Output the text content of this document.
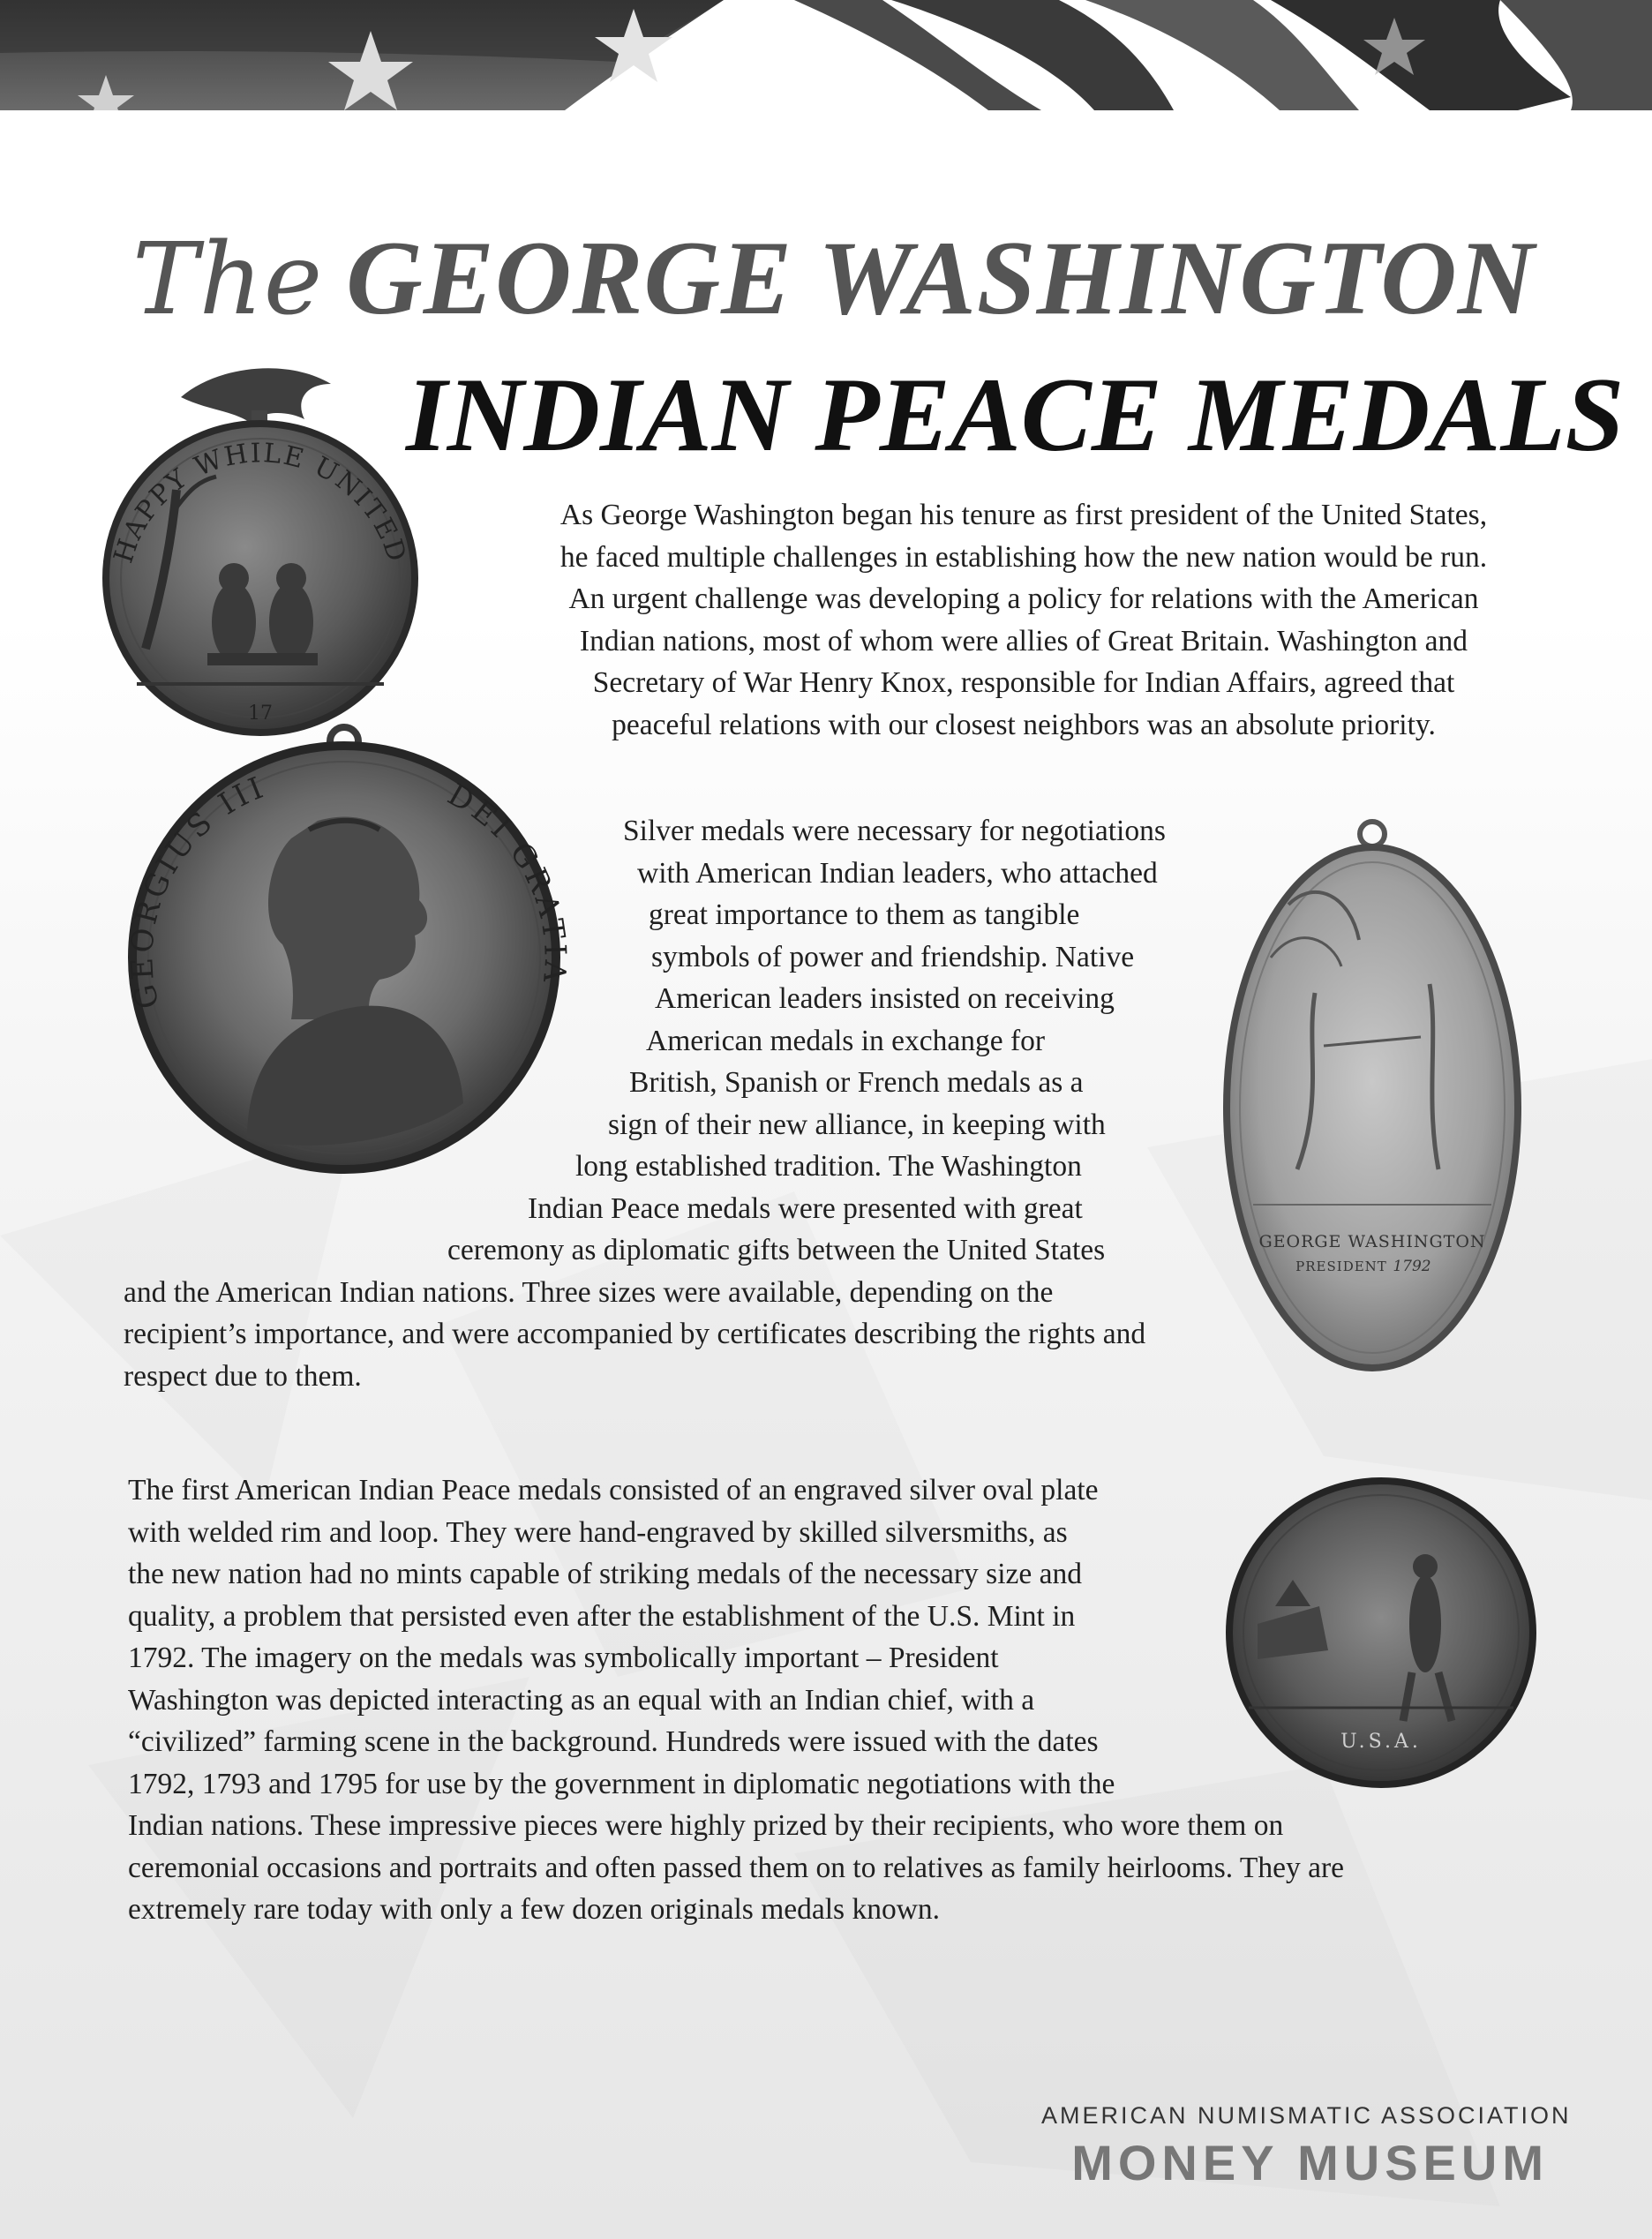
The GEORGE WASHINGTON
INDIAN PEACE MEDALS
HAPPY WHILE UNITED
17
GEORGIUS III	DEI GRATIA
GEORGE WASHINGTON
PRESIDENT 1792
U.S.A.
As George Washington began his tenure as first president of the United States,
he faced multiple challenges in establishing how the new nation would be run.
An urgent challenge was developing a policy for relations with the American
Indian nations, most of whom were allies of Great Britain. Washington and
Secretary of War Henry Knox, responsible for Indian Affairs, agreed that
peaceful relations with our closest neighbors was an absolute priority.
Silver medals were necessary for negotiations
with American Indian leaders, who attached
great importance to them as tangible
symbols of power and friendship. Native
American leaders insisted on receiving
American medals in exchange for
British, Spanish or French medals as a
sign of their new alliance, in keeping with
long established tradition. The Washington
Indian Peace medals were presented with great
ceremony as diplomatic gifts between the United States
and the American Indian nations. Three sizes were available, depending on the
recipient’s importance, and were accompanied by certificates describing the rights and
respect due to them.
The first American Indian Peace medals consisted of an engraved silver oval plate
with welded rim and loop. They were hand-engraved by skilled silversmiths, as
the new nation had no mints capable of striking medals of the necessary size and
quality, a problem that persisted even after the establishment of the U.S. Mint in
1792. The imagery on the medals was symbolically important – President
Washington was depicted interacting as an equal with an Indian chief, with a
“civilized” farming scene in the background. Hundreds were issued with the dates
1792, 1793 and 1795 for use by the government in diplomatic negotiations with the
Indian nations. These impressive pieces were highly prized by their recipients, who wore them on
ceremonial occasions and portraits and often passed them on to relatives as family heirlooms. They are
extremely rare today with only a few dozen originals medals known.
AMERICAN NUMISMATIC ASSOCIATION
MONEY MUSEUM
